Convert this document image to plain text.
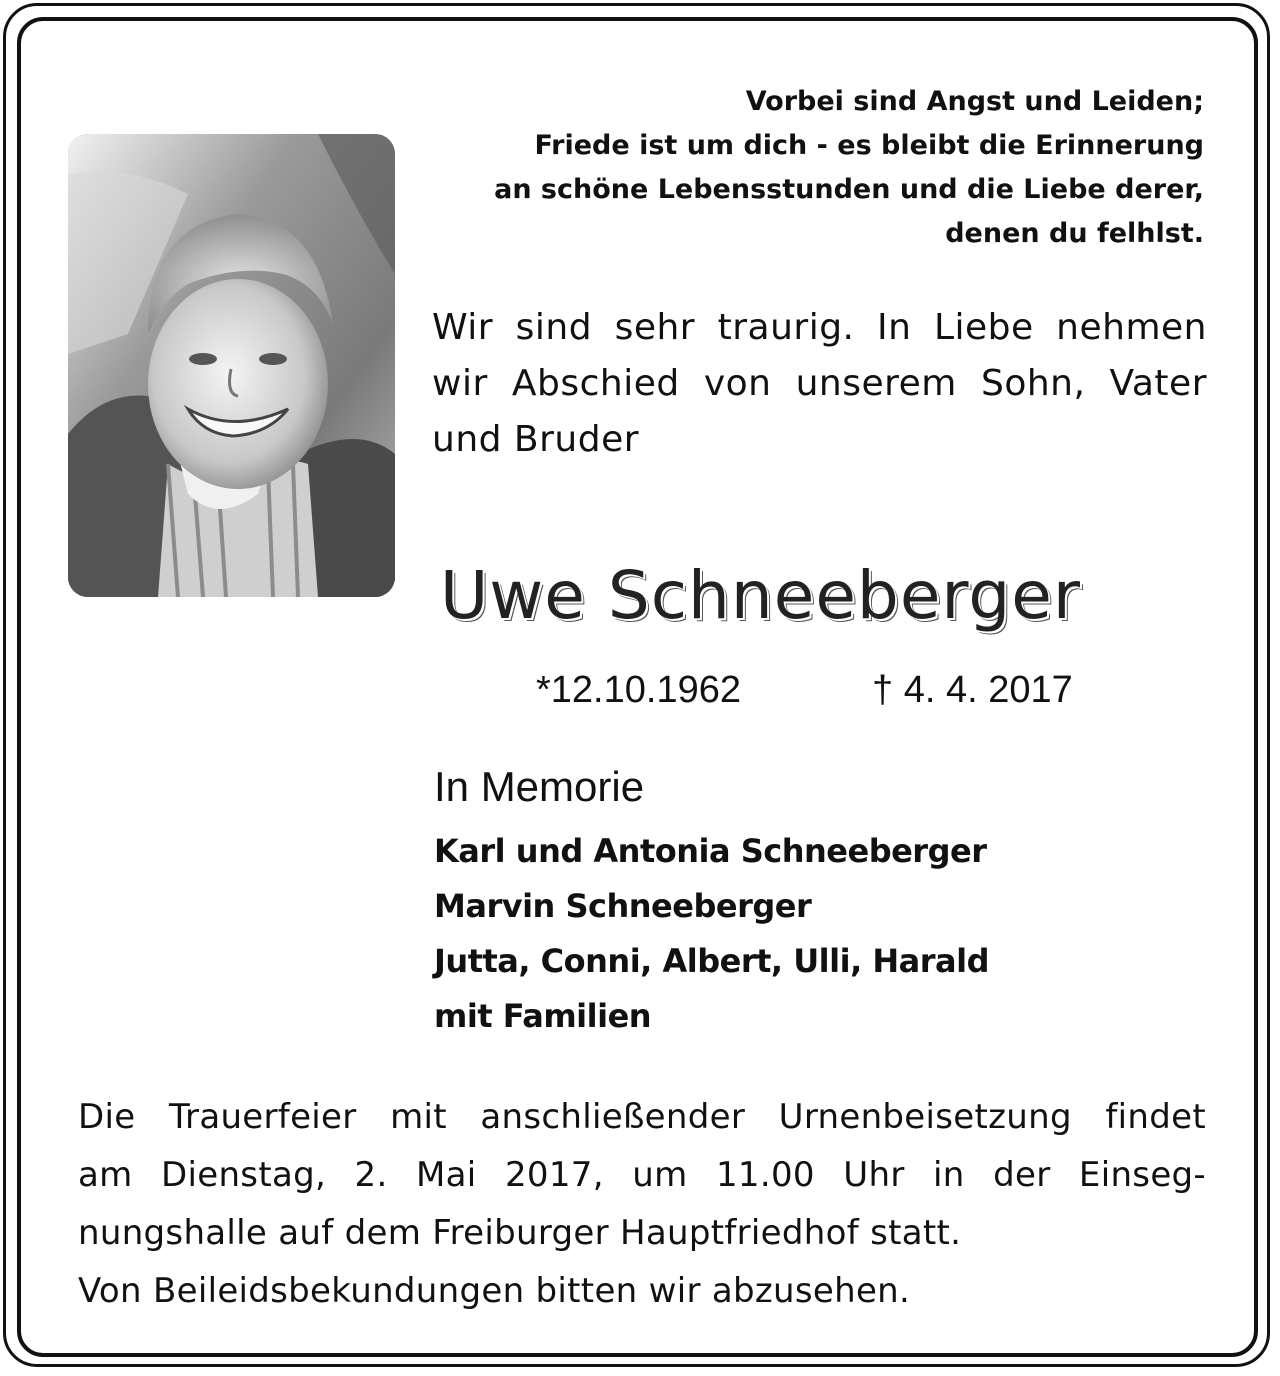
Vorbei sind Angst und Leiden;
Friede ist um dich - es bleibt die Erinnerung
an schöne Lebensstunden und die Liebe derer,
denen du felhlst.
Wir sind sehr traurig. In Liebe nehmen wir Abschied von unserem Sohn, Vater und Bruder
Uwe Schneeberger
*12.10.1962	† 4. 4. 2017
In Memorie
Karl und Antonia Schneeberger
Marvin Schneeberger
Jutta, Conni, Albert, Ulli, Harald
mit Familien
Die Trauerfeier mit anschließender Urnenbeisetzung findet
am Dienstag, 2. Mai 2017, um 11.00 Uhr in der Einseg-
nungshalle auf dem Freiburger Hauptfriedhof statt.
Von Beileidsbekundungen bitten wir abzusehen.
